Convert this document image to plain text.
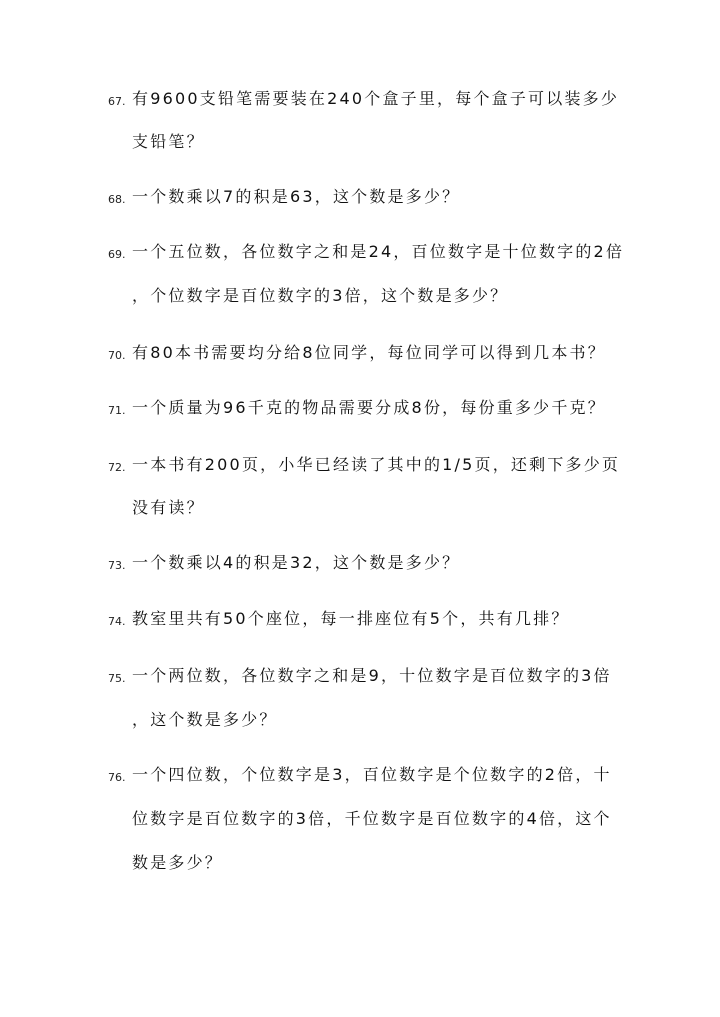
67. 有9600支铅笔需要装在240个盒子里，每个盒子可以装多少
支铅笔？
68. 一个数乘以7的积是63，这个数是多少？
69. 一个五位数，各位数字之和是24，百位数字是十位数字的2倍
，个位数字是百位数字的3倍，这个数是多少？
70. 有80本书需要均分给8位同学，每位同学可以得到几本书？
71. 一个质量为96千克的物品需要分成8份，每份重多少千克？
72. 一本书有200页，小华已经读了其中的1/5页，还剩下多少页
没有读？
73. 一个数乘以4的积是32，这个数是多少？
74. 教室里共有50个座位，每一排座位有5个，共有几排？
75. 一个两位数，各位数字之和是9，十位数字是百位数字的3倍
，这个数是多少？
76. 一个四位数，个位数字是3，百位数字是个位数字的2倍，十
位数字是百位数字的3倍，千位数字是百位数字的4倍，这个
数是多少？
